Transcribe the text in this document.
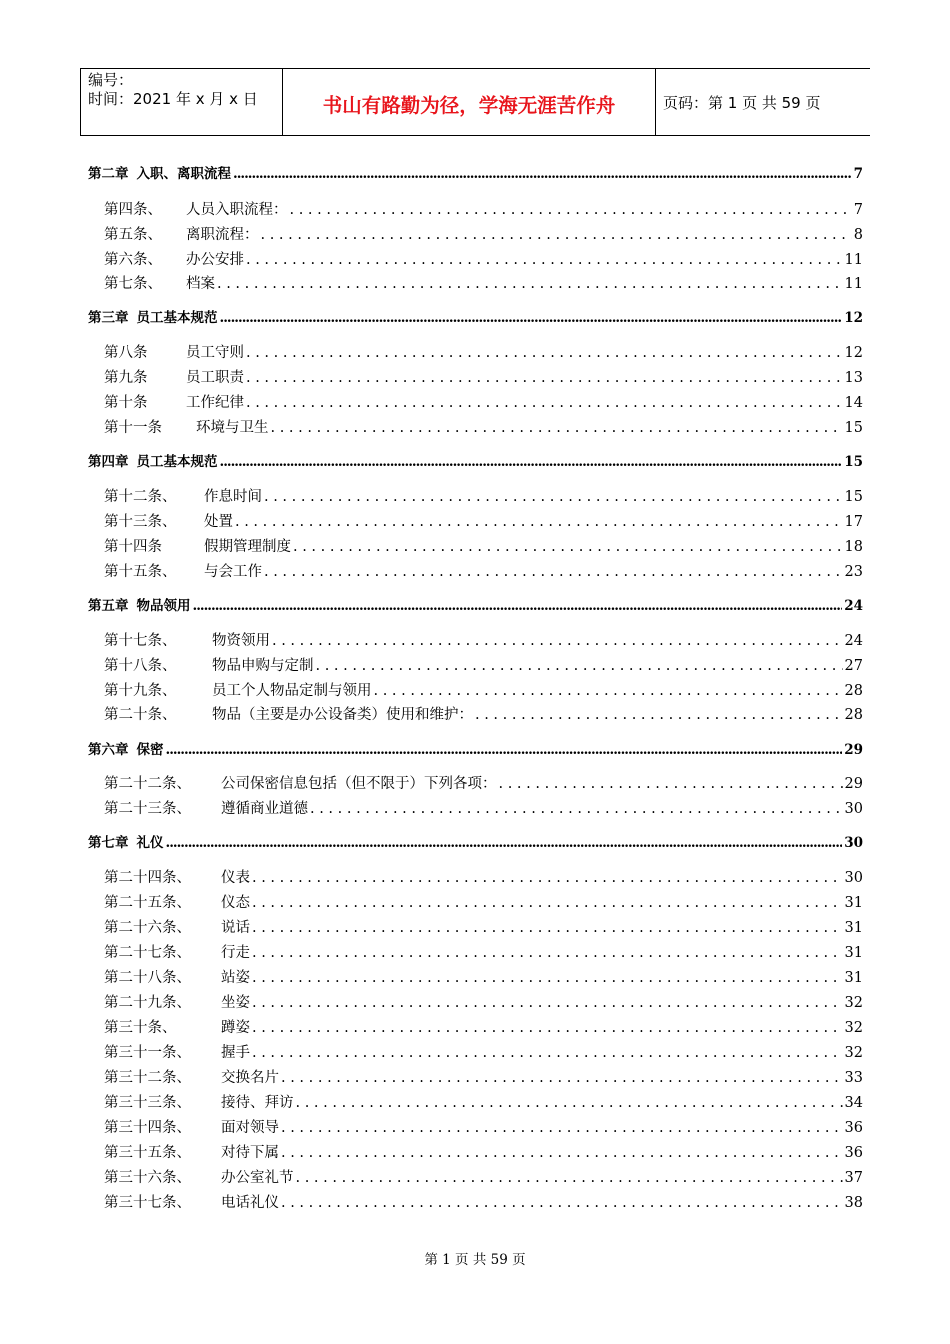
编号：
时间：2021 年 x 月 x 日	书山有路勤为径，学海无涯苦作舟	页码：第 1 页 共 59 页
第二章 入职、离职流程 .....	7
第四条、	人员入职流程： . . .	7
第五条、	离职流程： . . .	8
第六条、	办公安排 . . .	11
第七条、	档案 . . .	11
第三章 员工基本规范 .....	12
第八条	员工守则 . . .	12
第九条	员工职责 . . .	13
第十条	工作纪律 . . .	14
第十一条	环境与卫生 . . .	15
第四章 员工基本规范 .....	15
第十二条、	作息时间 . . .	15
第十三条、	处置 . . .	17
第十四条	假期管理制度 . . .	18
第十五条、	与会工作 . . .	23
第五章 物品领用 .....	24
第十七条、	物资领用 . . .	24
第十八条、	物品申购与定制 . . .	27
第十九条、	员工个人物品定制与领用 . . .	28
第二十条、	物品（主要是办公设备类）使用和维护： . . .	28
第六章 保密 .....	29
第二十二条、	公司保密信息包括（但不限于）下列各项： . . .	29
第二十三条、	遵循商业道德 . . .	30
第七章 礼仪 .....	30
第二十四条、	仪表 . . .	30
第二十五条、	仪态 . . .	31
第二十六条、	说话 . . .	31
第二十七条、	行走 . . .	31
第二十八条、	站姿 . . .	31
第二十九条、	坐姿 . . .	32
第三十条、	蹲姿 . . .	32
第三十一条、	握手 . . .	32
第三十二条、	交换名片 . . .	33
第三十三条、	接待、拜访 . . .	34
第三十四条、	面对领导 . . .	36
第三十五条、	对待下属 . . .	36
第三十六条、	办公室礼节 . . .	37
第三十七条、	电话礼仪 . . .	38
第 1 页 共 59 页
